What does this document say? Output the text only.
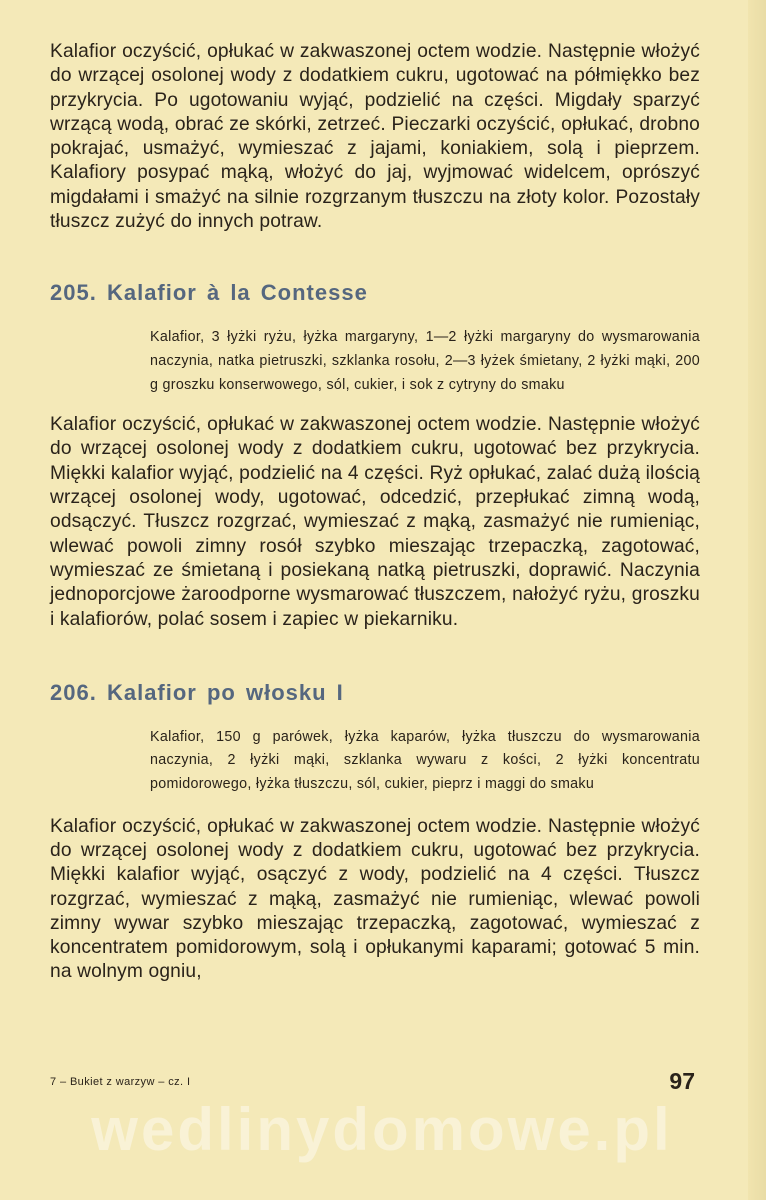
Kalafior oczyścić, opłukać w zakwaszonej octem wodzie. Następnie włożyć do wrzącej osolonej wody z dodatkiem cukru, ugotować na półmiękko bez przykrycia. Po ugotowaniu wyjąć, podzielić na części. Migdały sparzyć wrzącą wodą, obrać ze skórki, zetrzeć. Pieczarki oczyścić, opłukać, drobno pokrajać, usmażyć, wymieszać z jajami, koniakiem, solą i pieprzem. Kalafiory posypać mąką, włożyć do jaj, wyjmować widelcem, oprószyć migdałami i smażyć na silnie rozgrzanym tłuszczu na złoty kolor. Pozostały tłuszcz zużyć do innych potraw.

205. Kalafior à la Contesse

Kalafior, 3 łyżki ryżu, łyżka margaryny, 1—2 łyżki margaryny do wysmarowania naczynia, natka pietruszki, szklanka rosołu, 2—3 łyżek śmietany, 2 łyżki mąki, 200 g groszku konserwowego, sól, cukier, i sok z cytryny do smaku

Kalafior oczyścić, opłukać w zakwaszonej octem wodzie. Następnie włożyć do wrzącej osolonej wody z dodatkiem cukru, ugotować bez przykrycia. Miękki kalafior wyjąć, podzielić na 4 części. Ryż opłukać, zalać dużą ilością wrzącej osolonej wody, ugotować, odcedzić, przepłukać zimną wodą, odsączyć. Tłuszcz rozgrzać, wymieszać z mąką, zasmażyć nie rumieniąc, wlewać powoli zimny rosół szybko mieszając trzepaczką, zagotować, wymieszać ze śmietaną i posiekaną natką pietruszki, doprawić. Naczynia jednoporcjowe żaroodporne wysmarować tłuszczem, nałożyć ryżu, groszku i kalafiorów, polać sosem i zapiec w piekarniku.

206. Kalafior po włosku I

Kalafior, 150 g parówek, łyżka kaparów, łyżka tłuszczu do wysmarowania naczynia, 2 łyżki mąki, szklanka wywaru z kości, 2 łyżki koncentratu pomidorowego, łyżka tłuszczu, sól, cukier, pieprz i maggi do smaku

Kalafior oczyścić, opłukać w zakwaszonej octem wodzie. Następnie włożyć do wrzącej osolonej wody z dodatkiem cukru, ugotować bez przykrycia. Miękki kalafior wyjąć, osączyć z wody, podzielić na 4 części. Tłuszcz rozgrzać, wymieszać z mąką, zasmażyć nie rumieniąc, wlewać powoli zimny wywar szybko mieszając trzepaczką, zagotować, wymieszać z koncentratem pomidorowym, solą i opłukanymi kaparami; gotować 5 min. na wolnym ogniu,

7 – Bukiet z warzyw – cz. I	97
wedlinydomowe.pl
